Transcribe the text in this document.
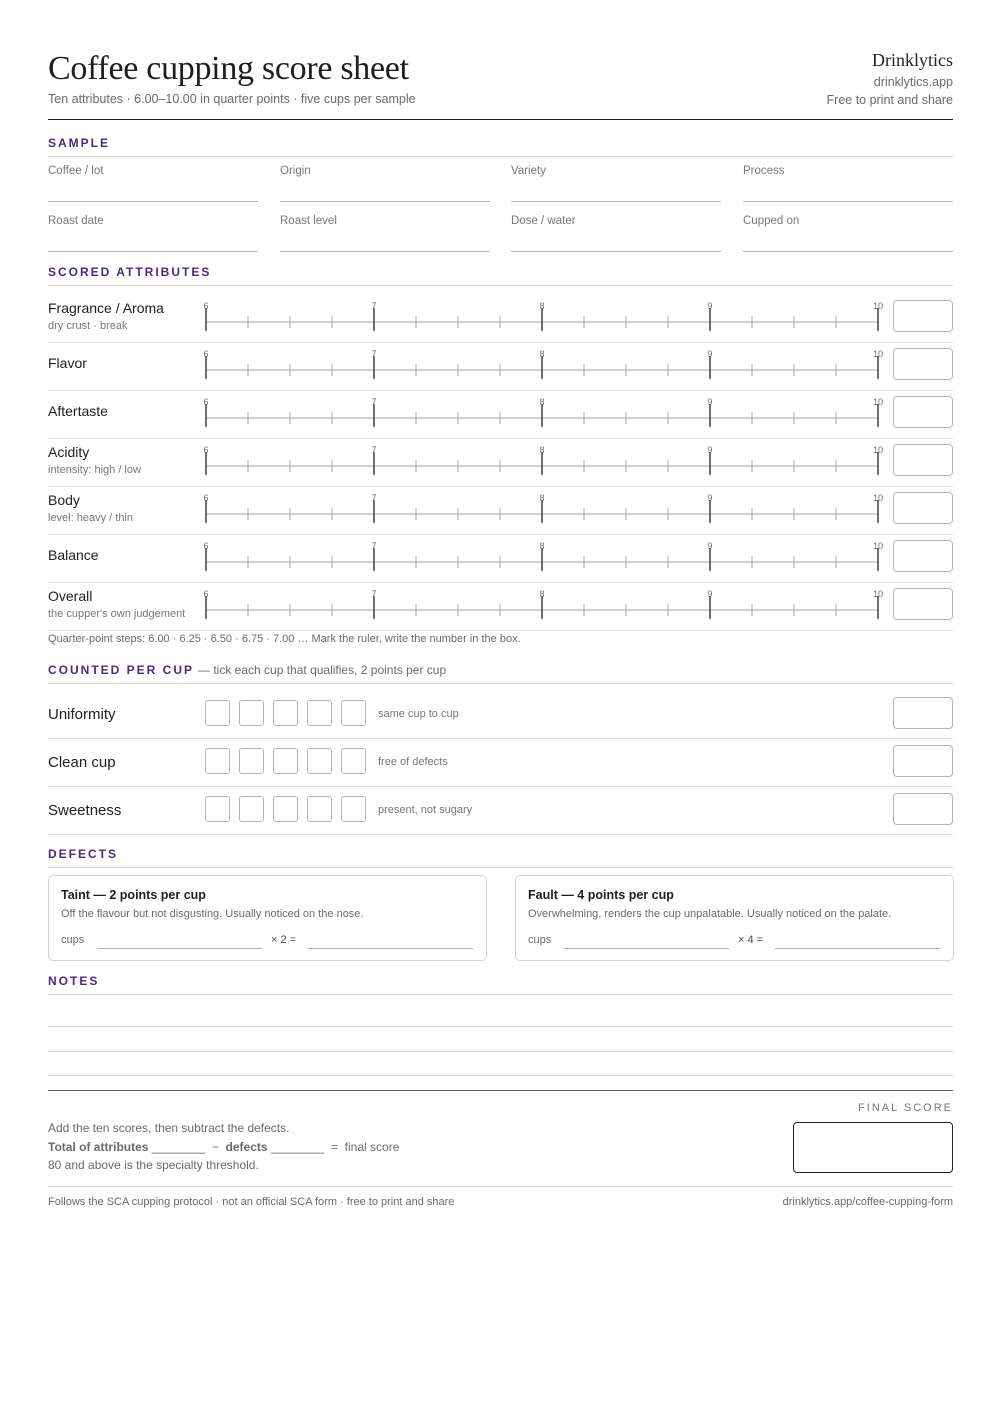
Coffee cupping score sheet
Ten attributes · 6.00–10.00 in quarter points · five cups per sample
Drinklytics
drinklytics.app
Free to print and share
SAMPLE
Coffee / lot	Origin	Variety	Process
Roast date	Roast level	Dose / water	Cupped on
SCORED ATTRIBUTES
Fragrance / Aroma
dry crust · break
6	7	8	9	10
Flavor
6	7	8	9	10
Aftertaste
6	7	8	9	10
Acidity
intensity: high / low
6	7	8	9	10
Body
level: heavy / thin
6	7	8	9	10
Balance
6	7	8	9	10
Overall
the cupper's own judgement
6	7	8	9	10
Quarter-point steps: 6.00 · 6.25 · 6.50 · 6.75 · 7.00 … Mark the ruler, write the number in the box.
COUNTED PER CUP — tick each cup that qualifies, 2 points per cup
Uniformity	same cup to cup
Clean cup	free of defects
Sweetness	present, not sugary
DEFECTS
Taint — 2 points per cup
Off the flavour but not disgusting. Usually noticed on the nose.
cups	× 2 =
Fault — 4 points per cup
Overwhelming, renders the cup unpalatable. Usually noticed on the palate.
cups	× 4 =
NOTES
FINAL SCORE
Add the ten scores, then subtract the defects.
Total of attributes ________ − defects ________ = final score
80 and above is the specialty threshold.
Follows the SCA cupping protocol · not an official SCA form · free to print and share	drinklytics.app/coffee-cupping-form
